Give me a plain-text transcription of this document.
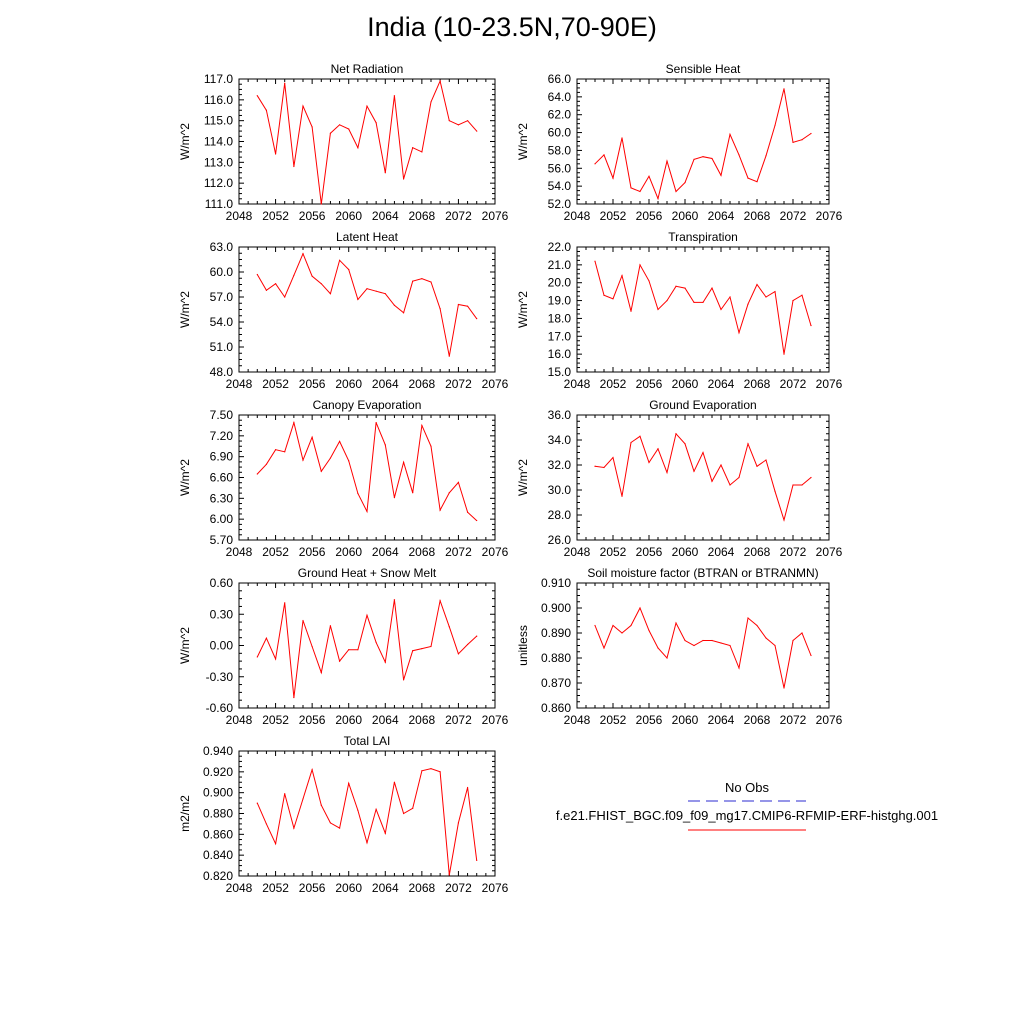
India (10-23.5N,70-90E)
2048 2052 2056 2060 2064 2068 2072 2076
111.0
112.0
113.0
114.0
115.0
116.0
117.0
Net Radiation
W/m^2
2048 2052 2056 2060 2064 2068 2072 2076
52.0
54.0
56.0
58.0
60.0
62.0
64.0
66.0
Sensible Heat
W/m^2
2048 2052 2056 2060 2064 2068 2072 2076
48.0
51.0
54.0
57.0
60.0
63.0
Latent Heat
W/m^2
2048 2052 2056 2060 2064 2068 2072 2076
15.0
16.0
17.0
18.0
19.0
20.0
21.0
22.0
Transpiration
W/m^2
2048 2052 2056 2060 2064 2068 2072 2076
5.70
6.00
6.30
6.60
6.90
7.20
7.50
Canopy Evaporation
W/m^2
2048 2052 2056 2060 2064 2068 2072 2076
26.0
28.0
30.0
32.0
34.0
36.0
Ground Evaporation
W/m^2
2048 2052 2056 2060 2064 2068 2072 2076
-0.60
-0.30
0.00
0.30
0.60
Ground Heat + Snow Melt
W/m^2
2048 2052 2056 2060 2064 2068 2072 2076
0.860
0.870
0.880
0.890
0.900
0.910
Soil moisture factor (BTRAN or BTRANMN)
unitless
2048 2052 2056 2060 2064 2068 2072 2076
0.820
0.840
0.860
0.880
0.900
0.920
0.940
Total LAI
m2/m2
No Obs
f.e21.FHIST_BGC.f09_f09_mg17.CMIP6-RFMIP-ERF-histghg.001
